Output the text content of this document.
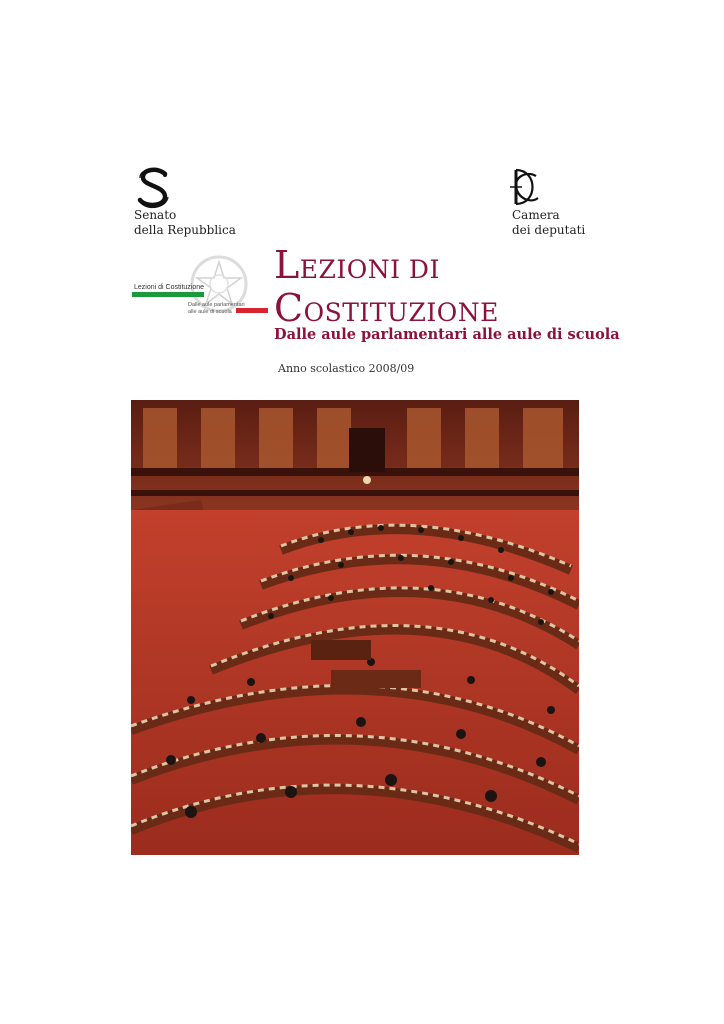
Senato
della Repubblica
Camera
dei deputati
Lezioni di Costituzione
Dalle aule parlamentari
alle aule di scuola
LEZIONI DI
COSTITUZIONE
Dalle aule parlamentari alle aule di scuola
Anno scolastico 2008/09
